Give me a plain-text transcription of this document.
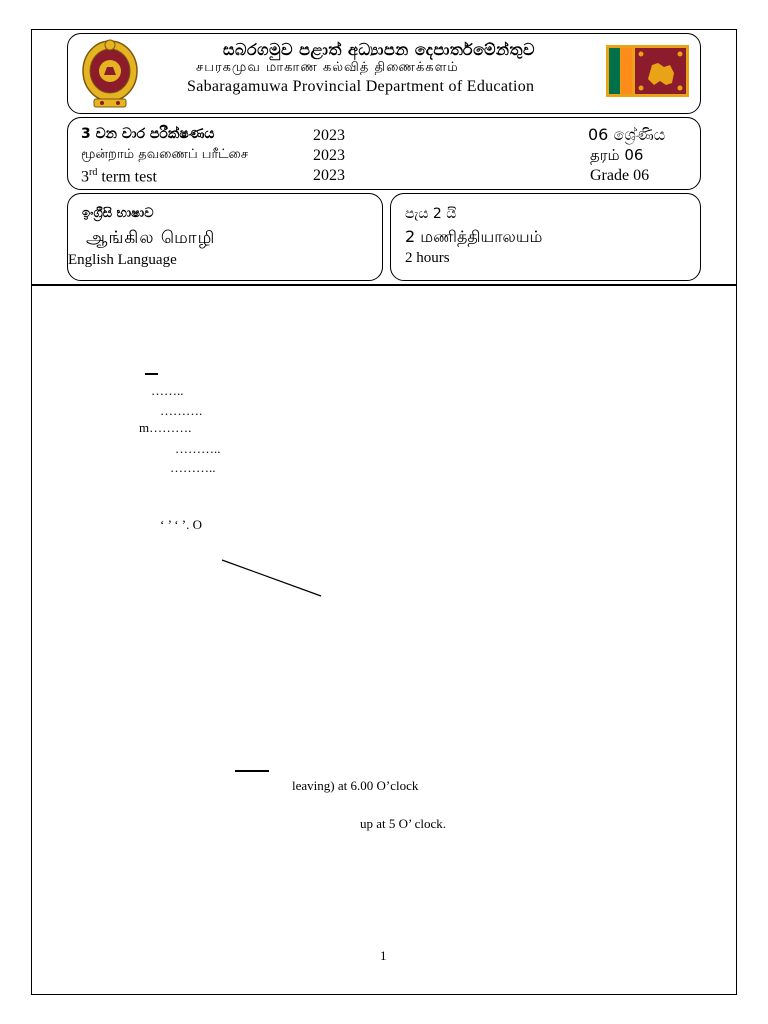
සබරගමුව පළාත් අධ්‍යාපන දෙපාර්තමේන්තුව
சபரகமுவ மாகாண கல்வித் திணைக்களம்
Sabaragamuwa Provincial Department of Education
3 වන වාර පරීක්ෂණය
மூன்றாம் தவணைப் பரீட்சை
3rd term test
2023
2023
2023
06 ශ්‍රේණිය
தரம் 06
Grade 06
ඉංග්‍රීසි භාෂාව
ஆங்கில மொழி
English Language
පැය 2 යි
2 மணித்தியாலயம்
2 hours
……..
……….
m……….
………..
………..
‘ ’ ‘ ’. O
leaving) at 6.00 O’clock
up at 5 O’ clock.
1
